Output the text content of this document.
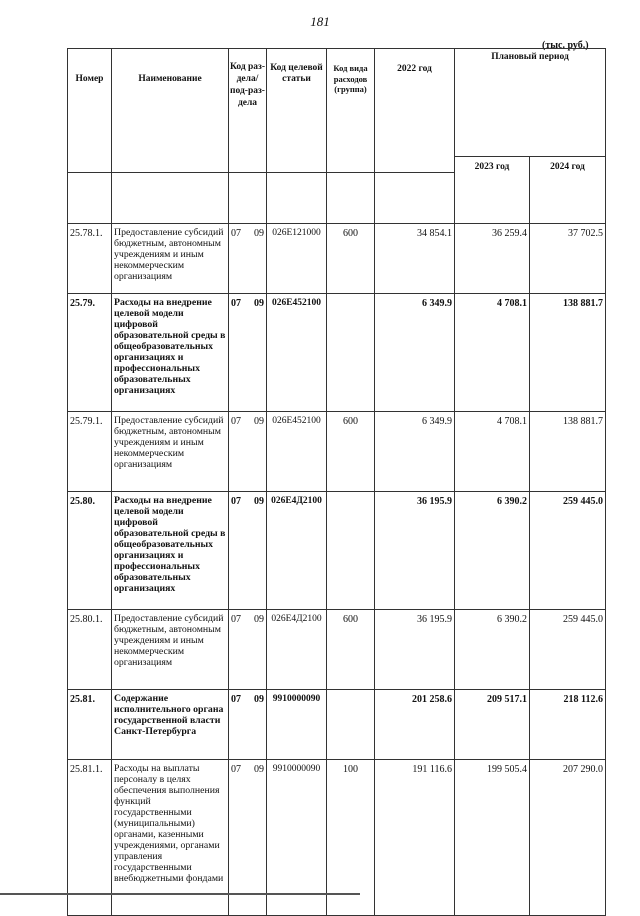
181
(тыс. руб.)
Номер	Наименование	Код раз-дела/ под-раз-дела	Код целевой статьи	Код вида расходов (группа)	2022 год	Плановый период	
						2023 год	2024 год

25.78.1.	Предоставление субсидий бюджетным, автономным учреждениям и иным некоммерческим организациям	07 09	026Е121000	600	34 854.1	36 259.4	37 702.5
25.79.	Расходы на внедрение целевой модели цифровой образовательной среды в общеобразовательных организациях и профессиональных образовательных организациях	07 09	026Е452100		6 349.9	4 708.1	138 881.7
25.79.1.	Предоставление субсидий бюджетным, автономным учреждениям и иным некоммерческим организациям	07 09	026Е452100	600	6 349.9	4 708.1	138 881.7
25.80.	Расходы на внедрение целевой модели цифровой образовательной среды в общеобразовательных организациях и профессиональных образовательных организациях	07 09	026Е4Д2100		36 195.9	6 390.2	259 445.0
25.80.1.	Предоставление субсидий бюджетным, автономным учреждениям и иным некоммерческим организациям	07 09	026Е4Д2100	600	36 195.9	6 390.2	259 445.0
25.81.	Содержание исполнительного органа государственной власти Санкт-Петербурга	07 09	9910000090		201 258.6	209 517.1	218 112.6
25.81.1.	Расходы на выплаты персоналу в целях обеспечения выполнения функций государственными (муниципальными) органами, казенными учреждениями, органами управления государственными внебюджетными фондами	07 09	9910000090	100	191 116.6	199 505.4	207 290.0
